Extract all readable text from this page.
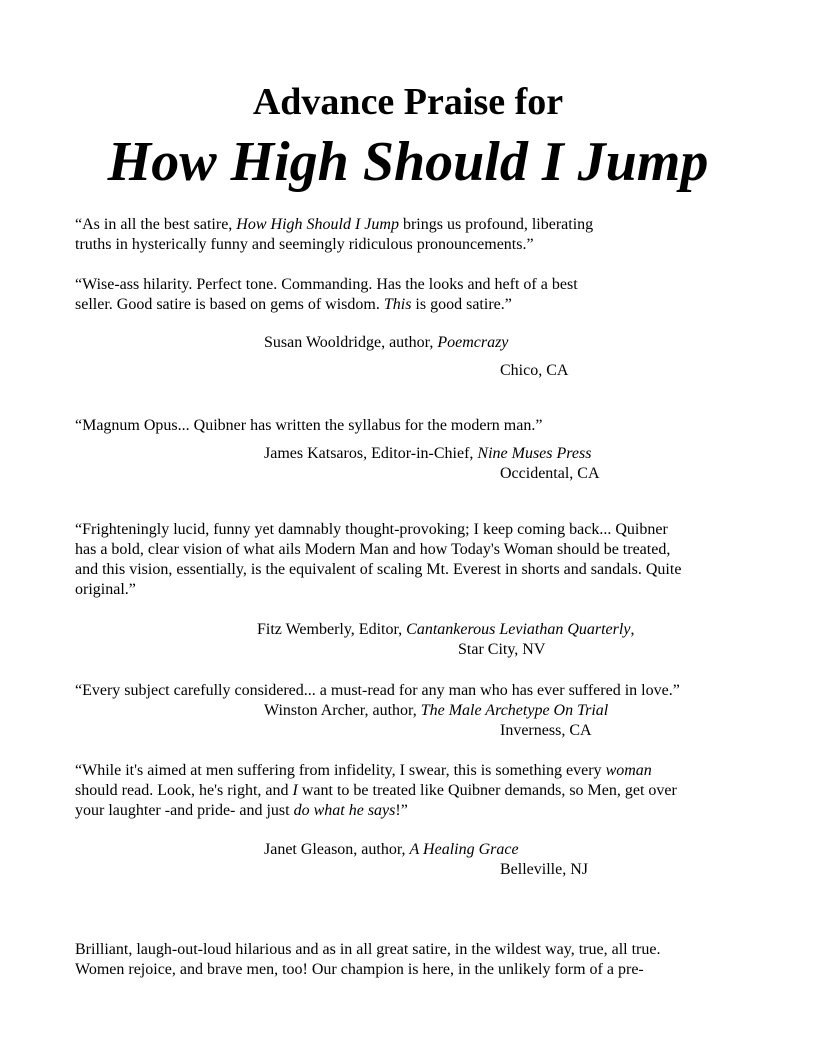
Advance Praise for
How High Should I Jump
“As in all the best satire, How High Should I Jump brings us profound, liberating
truths in hysterically funny and seemingly ridiculous pronouncements.”
“Wise-ass hilarity. Perfect tone. Commanding. Has the looks and heft of a best
seller. Good satire is based on gems of wisdom. This is good satire.”
Susan Wooldridge, author, Poemcrazy
Chico, CA
“Magnum Opus... Quibner has written the syllabus for the modern man.”
James Katsaros, Editor-in-Chief, Nine Muses Press
Occidental, CA
“Frighteningly lucid, funny yet damnably thought-provoking; I keep coming back... Quibner
has a bold, clear vision of what ails Modern Man and how Today's Woman should be treated,
and this vision, essentially, is the equivalent of scaling Mt. Everest in shorts and sandals. Quite
original.”
Fitz Wemberly, Editor, Cantankerous Leviathan Quarterly,
Star City, NV
“Every subject carefully considered... a must-read for any man who has ever suffered in love.”
Winston Archer, author, The Male Archetype On Trial
Inverness, CA
“While it's aimed at men suffering from infidelity, I swear, this is something every woman
should read. Look, he's right, and I want to be treated like Quibner demands, so Men, get over
your laughter -and pride- and just do what he says!”
Janet Gleason, author, A Healing Grace
Belleville, NJ
Brilliant, laugh-out-loud hilarious and as in all great satire, in the wildest way, true, all true.
Women rejoice, and brave men, too! Our champion is here, in the unlikely form of a pre-
